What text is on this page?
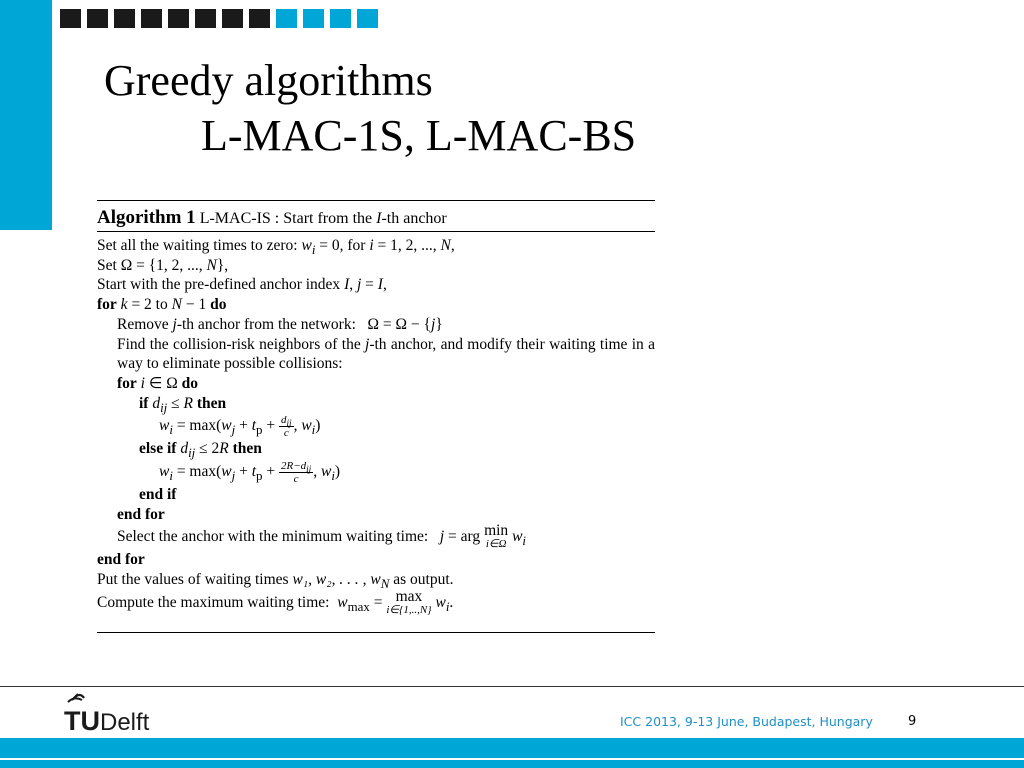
Greedy algorithms
L-MAC-1S, L-MAC-BS
Algorithm 1 L-MAC-IS : Start from the I-th anchor
Set all the waiting times to zero: $w_i = 0$, for i = 1, 2, ..., N,
Set Ω = {1, 2, ..., N},
Start with the pre-defined anchor index I, j = I,
for k = 2 to N − 1 do
Remove j-th anchor from the network: Ω = Ω − {j}
Find the collision-risk neighbors of the j-th anchor, and modify their waiting time in a way to eliminate possible collisions:
for i ∈ Ω do
if $d_{ij} \le R$ then
$w_i = \max(w_j + t_p + \frac{d_{ij}}{c}$ , $w_i$)
else if $d_{ij} \le 2R$ then
$w_i = \max(w_j + t_p + \frac{2R-d_{ij}}{c}$ , $w_i$)
end if
end for
Select the anchor with the minimum waiting time: j = arg min
i∈Ω $w_i$
end for
Put the values of waiting times w₁, w₂, . . . , $w_N$ as output.
Compute the maximum waiting time: $w_{max} = \max$
i∈{1,..,N} $w_i$.
TU Delft	ICC 2013, 9-13 June, Budapest, Hungary	9
